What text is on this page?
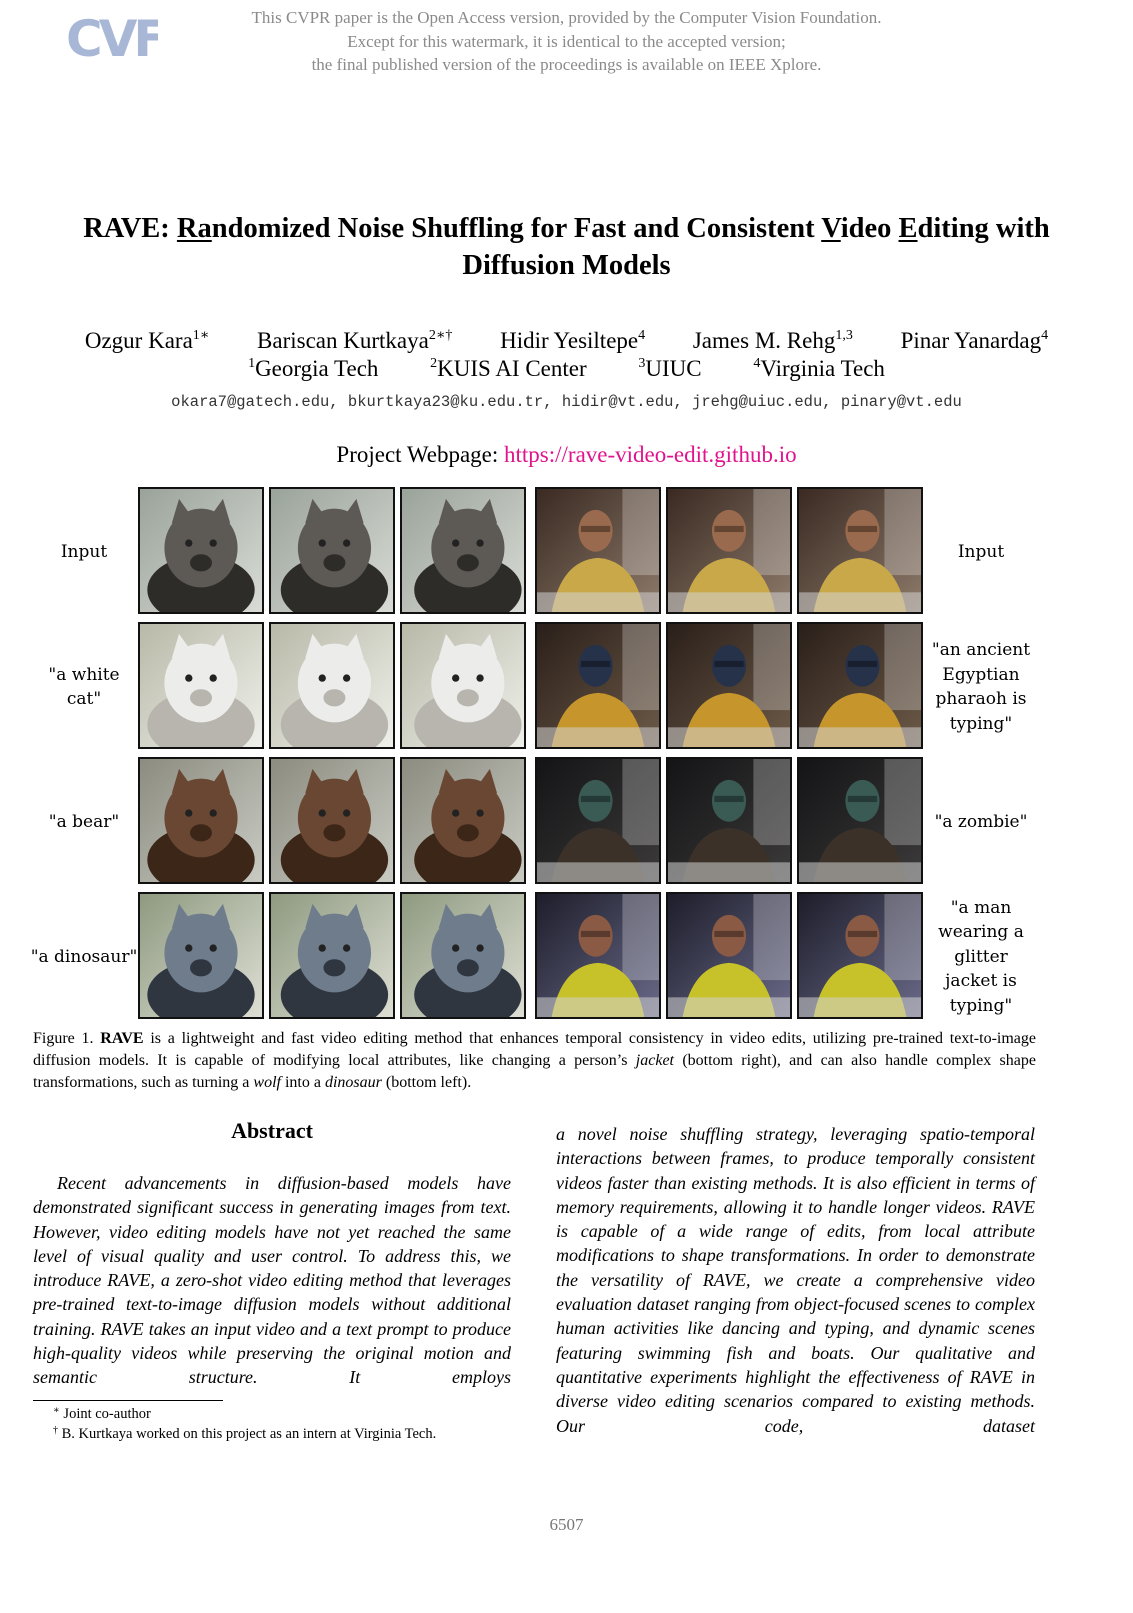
CVF	This CVPR paper is the Open Access version, provided by the Computer Vision Foundation.
Except for this watermark, it is identical to the accepted version;
the final published version of the proceedings is available on IEEE Xplore.
RAVE: Randomized Noise Shuffling for Fast and Consistent Video Editing with
Diffusion Models
Ozgur Kara$^{1∗}$ Bariscan Kurtkaya$^{2∗\dagger}$ Hidir Yesiltepe$^4$ James M. Rehg$^{1,3}$ Pinar Yanardag$^4$
$^1$Georgia Tech	$^2$KUIS AI Center	$^3$UIUC	$^4$Virginia Tech
okara7@gatech.edu, bkurtkaya23@ku.edu.tr, hidir@vt.edu, jrehg@uiuc.edu, pinary@vt.edu
Project Webpage: https://rave-video-edit.github.io
Input
"a white cat"
"a bear"
"a dinosaur"
Input
"an ancient Egyptian pharaoh is typing"
"a zombie"
"a man wearing a glitter jacket is typing"
Figure 1. RAVE is a lightweight and fast video editing method that enhances temporal consistency in video edits, utilizing pre-trained text-to-image diffusion models. It is capable of modifying local attributes, like changing a person’s jacket (bottom right), and can also handle complex shape transformations, such as turning a wolf into a dinosaur (bottom left).
Abstract
Recent advancements in diffusion-based models have demonstrated significant success in generating images from text. However, video editing models have not yet reached the same level of visual quality and user control. To address this, we introduce RAVE, a zero-shot video editing method that leverages pre-trained text-to-image diffusion models without additional training. RAVE takes an input video and a text prompt to produce high-quality videos while preserving the original motion and semantic structure. It employs
a novel noise shuffling strategy, leveraging spatio-temporal interactions between frames, to produce temporally consistent videos faster than existing methods. It is also efficient in terms of memory requirements, allowing it to handle longer videos. RAVE is capable of a wide range of edits, from local attribute modifications to shape transformations. In order to demonstrate the versatility of RAVE, we create a comprehensive video evaluation dataset ranging from object-focused scenes to complex human activities like dancing and typing, and dynamic scenes featuring swimming fish and boats. Our qualitative and quantitative experiments highlight the effectiveness of RAVE in diverse video editing scenarios compared to existing methods. Our code, dataset
∗ Joint co-author
† B. Kurtkaya worked on this project as an intern at Virginia Tech.
6507
